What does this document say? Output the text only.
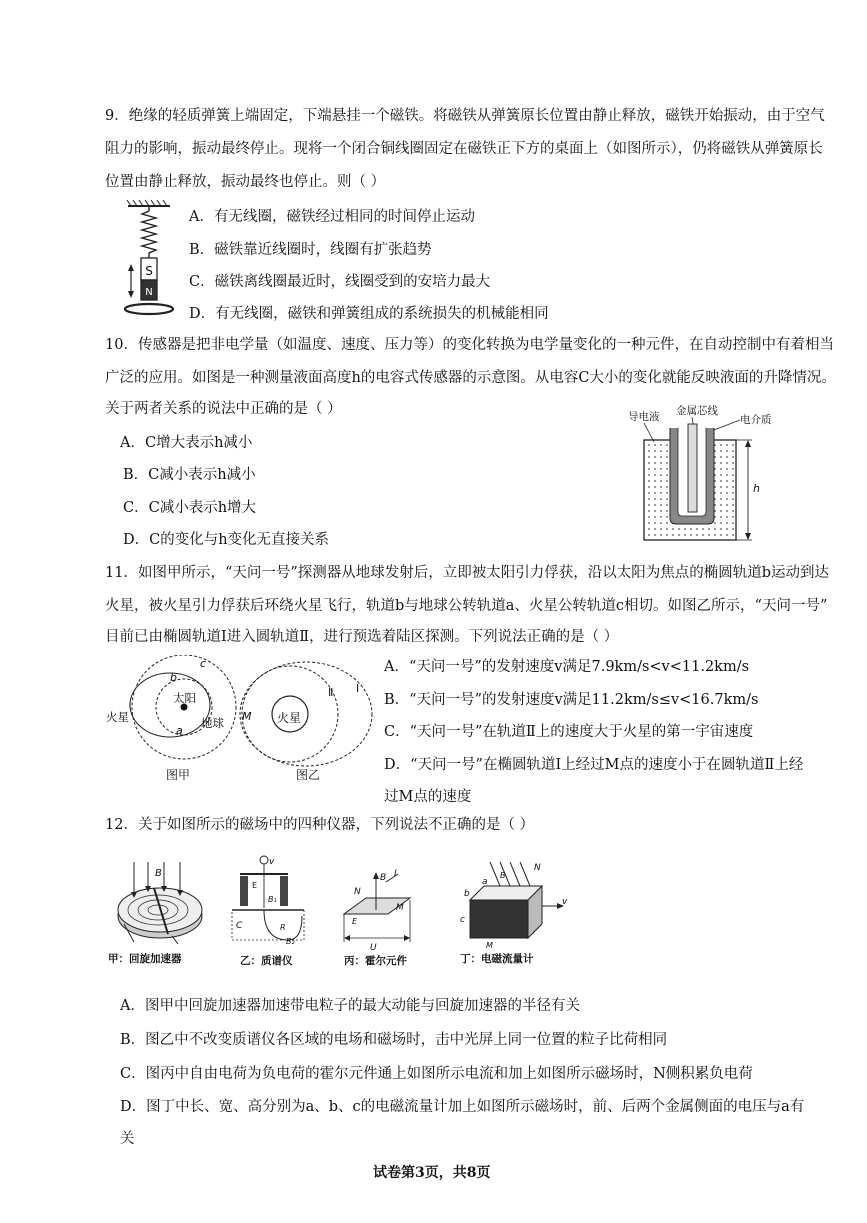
9．绝缘的轻质弹簧上端固定，下端悬挂一个磁铁。将磁铁从弹簧原长位置由静止释放，磁铁开始振动，由于空气
阻力的影响，振动最终停止。现将一个闭合铜线圈固定在磁铁正下方的桌面上（如图所示），仍将磁铁从弹簧原长
位置由静止释放，振动最终也停止。则（ ）
S
N
A．有无线圈，磁铁经过相同的时间停止运动
B．磁铁靠近线圈时，线圈有扩张趋势
C．磁铁离线圈最近时，线圈受到的安培力最大
D．有无线圈，磁铁和弹簧组成的系统损失的机械能相同
10．传感器是把非电学量（如温度、速度、压力等）的变化转换为电学量变化的一种元件，在自动控制中有着相当
广泛的应用。如图是一种测量液面高度h的电容式传感器的示意图。从电容C大小的变化就能反映液面的升降情况。
关于两者关系的说法中正确的是（ ）
A．C增大表示h减小
B．C减小表示h减小
C．C减小表示h增大
D．C的变化与h变化无直接关系
导电液 金属芯线
电介质
h
11．如图甲所示，“天问一号”探测器从地球发射后，立即被太阳引力俘获，沿以太阳为焦点的椭圆轨道b运动到达
火星，被火星引力俘获后环绕火星飞行，轨道b与地球公转轨道a、火星公转轨道c相切。如图乙所示，“天问一号”
目前已由椭圆轨道Ⅰ进入圆轨道Ⅱ，进行预选着陆区探测。下列说法正确的是（ ）
太阳
火星	地球
a
b
c
图甲
火星
M
Ⅱ Ⅰ
图乙
A．“天问一号”的发射速度v满足7.9km/s<v<11.2km/s
B．“天问一号”的发射速度v满足11.2km/s≤v<16.7km/s
C．“天问一号”在轨道Ⅱ上的速度大于火星的第一宇宙速度
D．“天问一号”在椭圆轨道Ⅰ上经过M点的速度小于在圆轨道Ⅱ上经
过M点的速度
12．关于如图所示的磁场中的四种仪器，下列说法不正确的是（ ）
B
甲：回旋加速器
v
E
B₁
C	R
B₂
乙：质谱仪
B I
N
M
E
U
丙：霍尔元件
N
B
v
b
a
c
M
丁：电磁流量计
A．图甲中回旋加速器加速带电粒子的最大动能与回旋加速器的半径有关
B．图乙中不改变质谱仪各区域的电场和磁场时，击中光屏上同一位置的粒子比荷相同
C．图丙中自由电荷为负电荷的霍尔元件通上如图所示电流和加上如图所示磁场时，N侧积累负电荷
D．图丁中长、宽、高分别为a、b、c的电磁流量计加上如图所示磁场时，前、后两个金属侧面的电压与a有
关
试卷第3页，共8页
